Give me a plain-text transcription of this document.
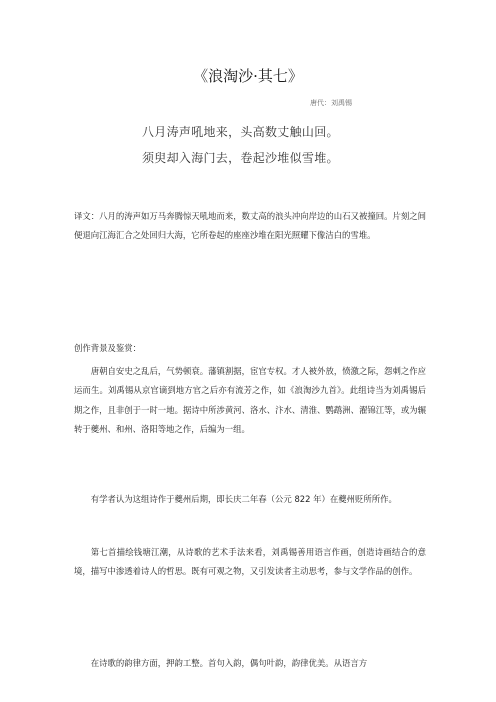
《浪淘沙·其七》
唐代：刘禹锡
八月涛声吼地来，头高数丈触山回。
须臾却入海门去，卷起沙堆似雪堆。
译文：八月的涛声如万马奔腾惊天吼地而来，数丈高的浪头冲向岸边的山石又被撞回。片刻之间便退向江海汇合之处回归大海，它所卷起的座座沙堆在阳光照耀下像洁白的雪堆。
创作背景及鉴赏：

唐朝自安史之乱后，气势顿衰。藩镇割据，宦官专权。才人被外放，愤激之际，怨刺之作应运而生。刘禹锡从京官谪到地方官之后亦有流芳之作，如《浪淘沙九首》。此组诗当为刘禹锡后期之作，且非创于一时一地。据诗中所涉黄河、洛水、汴水、清淮、鹦鹉洲、濯锦江等，或为辗转于夔州、和州、洛阳等地之作，后编为一组。

有学者认为这组诗作于夔州后期，即长庆二年春（公元 822 年）在夔州贬所所作。

第七首描绘钱塘江潮，从诗歌的艺术手法来看，刘禹锡善用语言作画，创造诗画结合的意境，描写中渗透着诗人的哲思。既有可观之物，又引发读者主动思考，参与文学作品的创作。

在诗歌的韵律方面，押韵工整。首句入韵，偶句叶韵，韵律优美。从语言方
